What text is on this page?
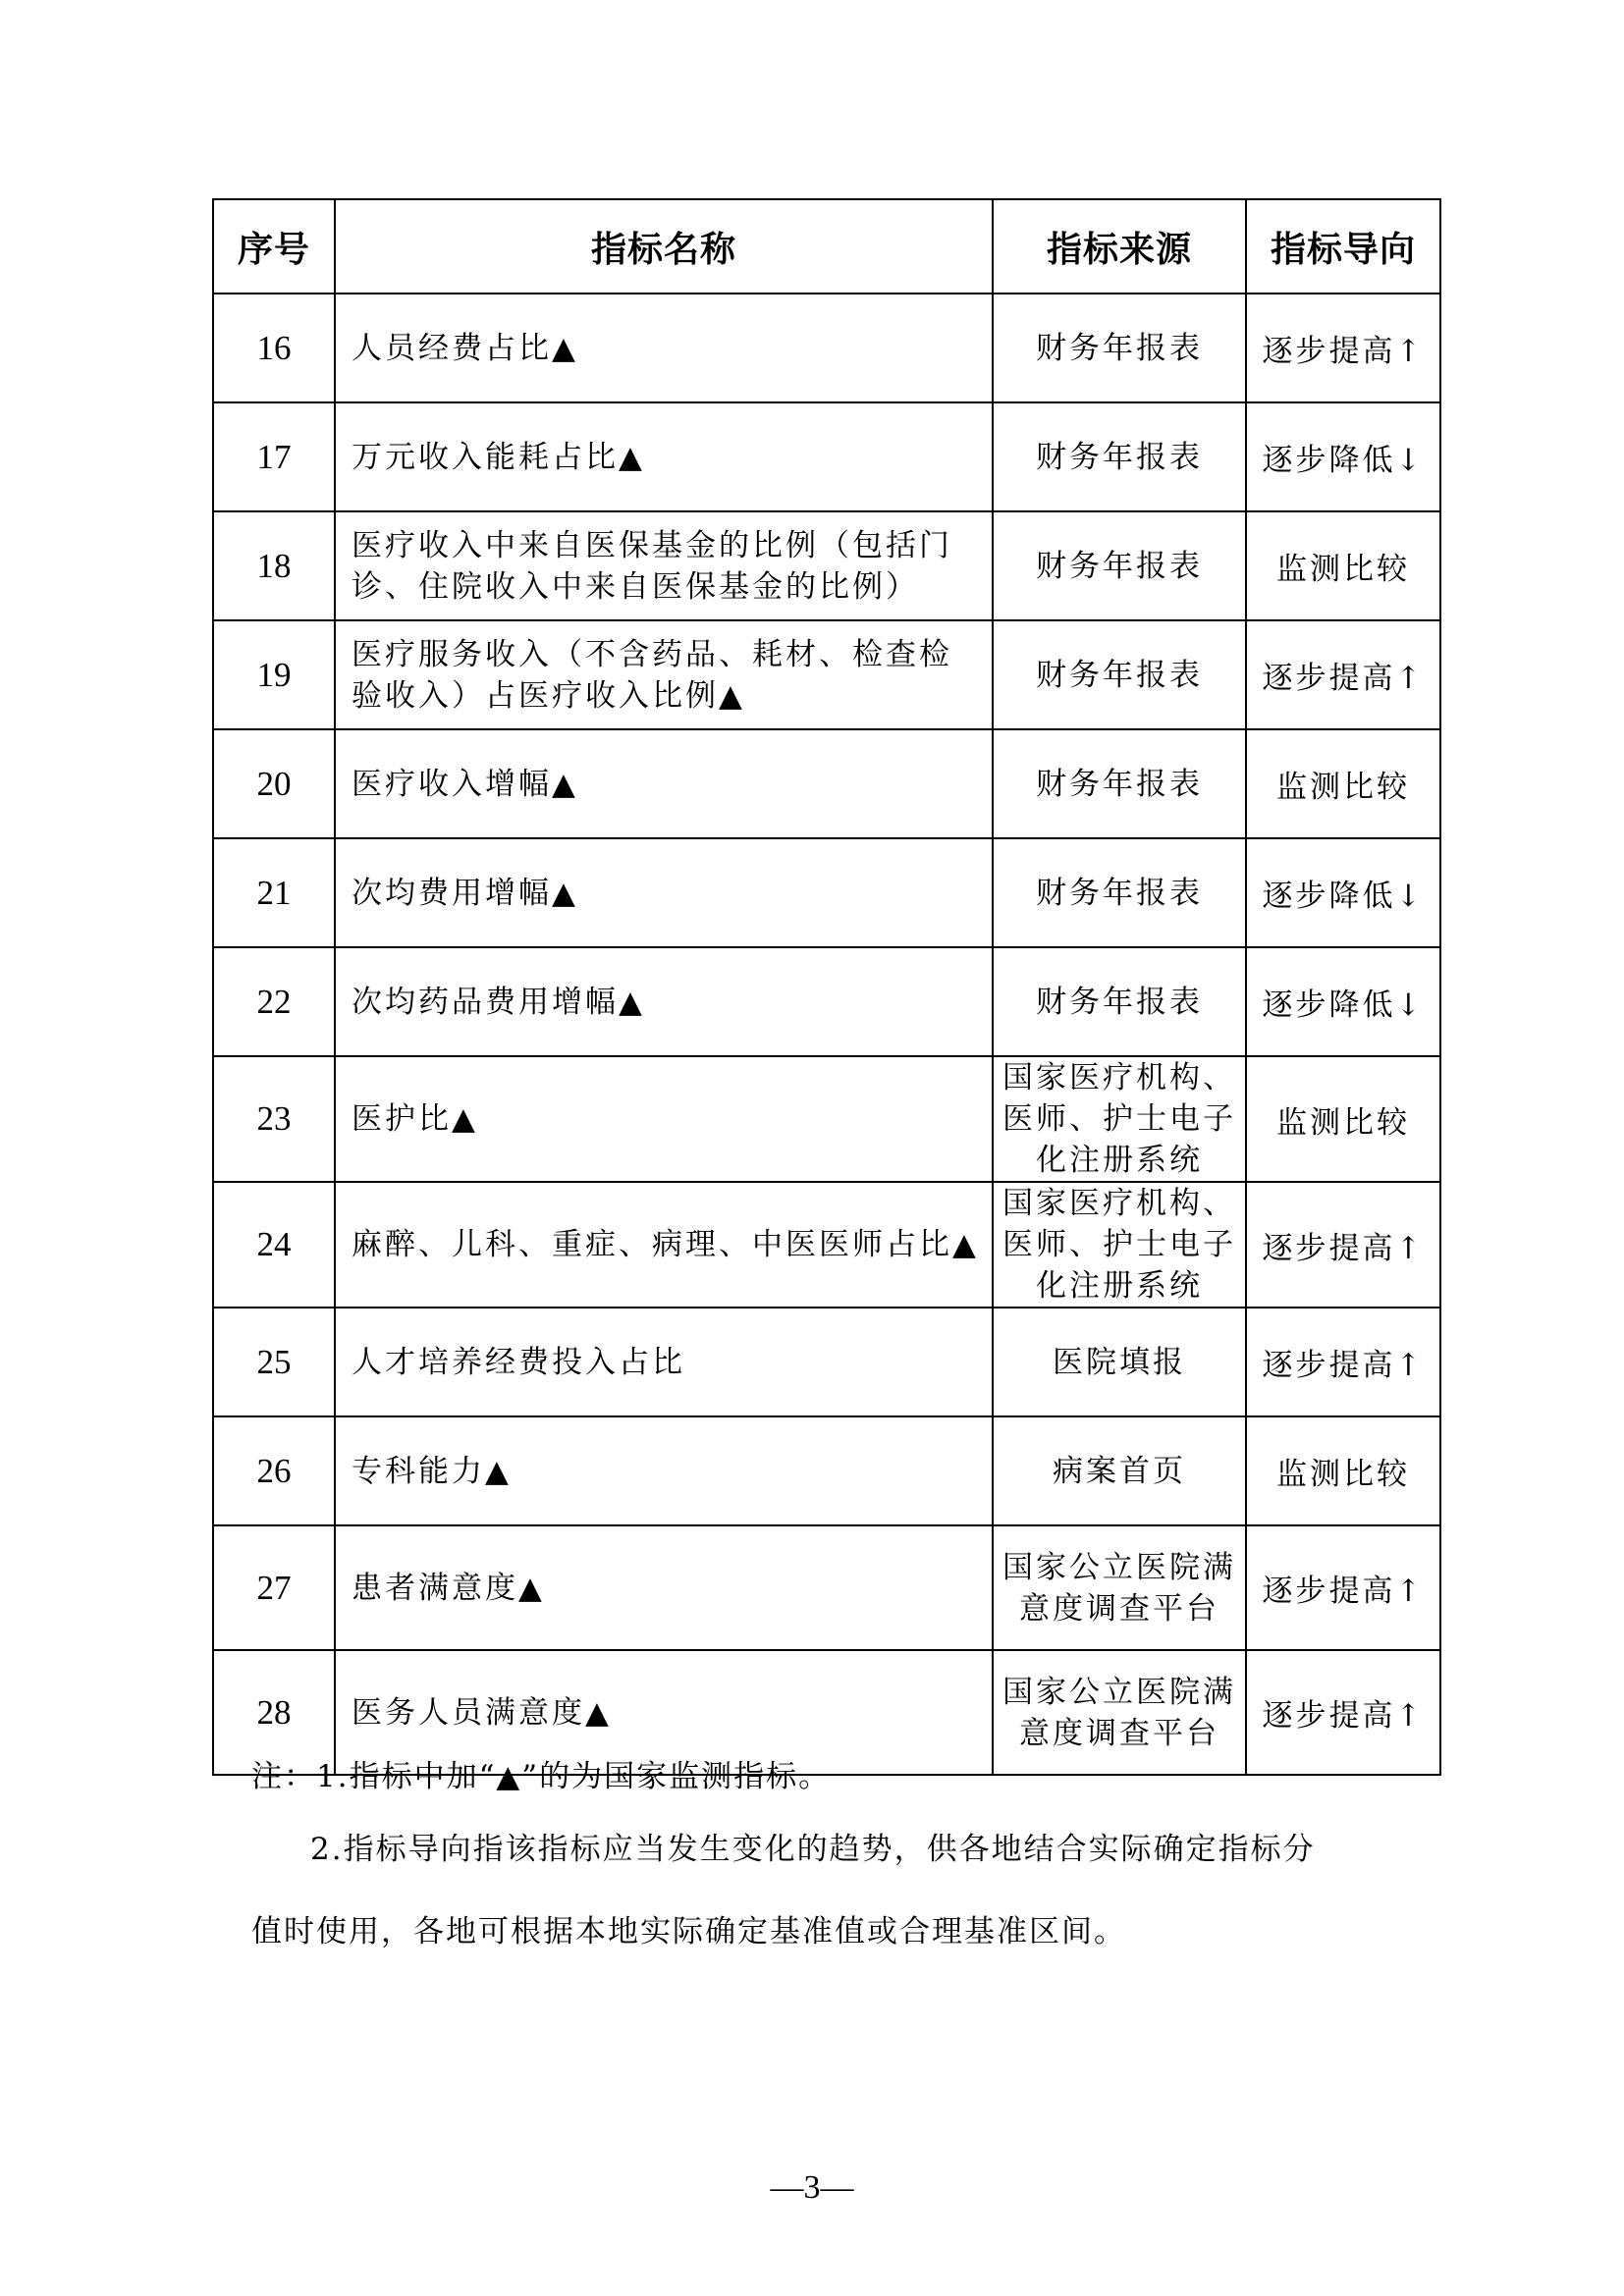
序号	指标名称	指标来源	指标导向
16	人员经费占比▲	财务年报表	逐步提高↑
17	万元收入能耗占比▲	财务年报表	逐步降低↓
18	医疗收入中来自医保基金的比例（包括门诊、住院收入中来自医保基金的比例）	财务年报表	监测比较
19	医疗服务收入（不含药品、耗材、检查检验收入）占医疗收入比例▲	财务年报表	逐步提高↑
20	医疗收入增幅▲	财务年报表	监测比较
21	次均费用增幅▲	财务年报表	逐步降低↓
22	次均药品费用增幅▲	财务年报表	逐步降低↓
23	医护比▲	国家医疗机构、医师、护士电子化注册系统	监测比较
24	麻醉、儿科、重症、病理、中医医师占比▲	国家医疗机构、医师、护士电子化注册系统	逐步提高↑
25	人才培养经费投入占比	医院填报	逐步提高↑
26	专科能力▲	病案首页	监测比较
27	患者满意度▲	国家公立医院满意度调查平台	逐步提高↑
28	医务人员满意度▲	国家公立医院满意度调查平台	逐步提高↑

注：1.指标中加“▲”的为国家监测指标。

2.指标导向指该指标应当发生变化的趋势，供各地结合实际确定指标分

值时使用，各地可根据本地实际确定基准值或合理基准区间。

—3—
